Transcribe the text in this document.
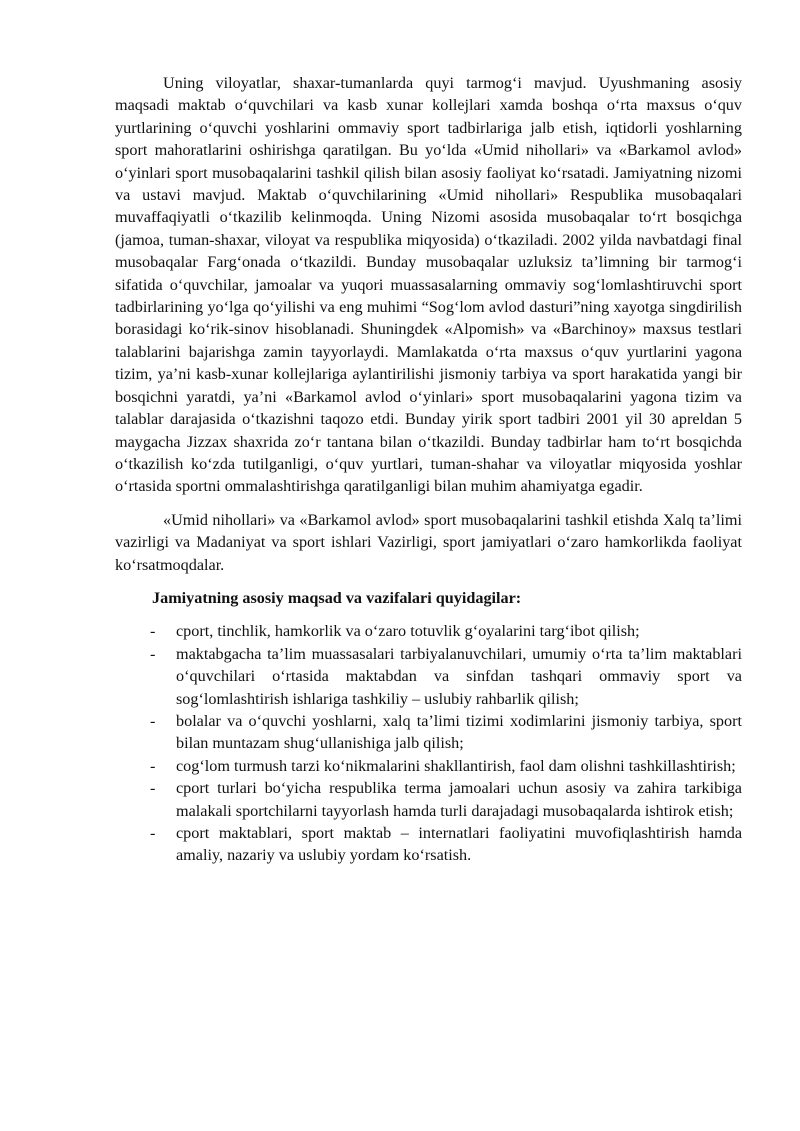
Uning viloyatlar, shaxar-tumanlarda quyi tarmog‘i mavjud. Uyushmaning asosiy maqsadi maktab o‘quvchilari va kasb xunar kollejlari xamda boshqa o‘rta maxsus o‘quv yurtlarining o‘quvchi yoshlarini ommaviy sport tadbirlariga jalb etish, iqtidorli yoshlarning sport mahoratlarini oshirishga qaratilgan. Bu yo‘lda «Umid nihollari» va «Barkamol avlod» o‘yinlari sport musobaqalarini tashkil qilish bilan asosiy faoliyat ko‘rsatadi. Jamiyatning nizomi va ustavi mavjud. Maktab o‘quvchilarining «Umid nihollari» Respublika musobaqalari muvaffaqiyatli o‘tkazilib kelinmoqda. Uning Nizomi asosida musobaqalar to‘rt bosqichga (jamoa, tuman-shaxar, viloyat va respublika miqyosida) o‘tkaziladi. 2002 yilda navbatdagi final musobaqalar Farg‘onada o‘tkazildi. Bunday musobaqalar uzluksiz ta’limning bir tarmog‘i sifatida o‘quvchilar, jamoalar va yuqori muassasalarning ommaviy sog‘lomlashtiruvchi sport tadbirlarining yo‘lga qo‘yilishi va eng muhimi “Sog‘lom avlod dasturi”ning xayotga singdirilish borasidagi ko‘rik-sinov hisoblanadi. Shuningdek «Alpomish» va «Barchinoy» maxsus testlari talablarini bajarishga zamin tayyorlaydi. Mamlakatda o‘rta maxsus o‘quv yurtlarini yagona tizim, ya’ni kasb-xunar kollejlariga aylantirilishi jismoniy tarbiya va sport harakatida yangi bir bosqichni yaratdi, ya’ni «Barkamol avlod o‘yinlari» sport musobaqalarini yagona tizim va talablar darajasida o‘tkazishni taqozo etdi. Bunday yirik sport tadbiri 2001 yil 30 apreldan 5 maygacha Jizzax shaxrida zo‘r tantana bilan o‘tkazildi. Bunday tadbirlar ham to‘rt bosqichda o‘tkazilish ko‘zda tutilganligi, o‘quv yurtlari, tuman-shahar va viloyatlar miqyosida yoshlar o‘rtasida sportni ommalashtirishga qaratilganligi bilan muhim ahamiyatga egadir.

«Umid nihollari» va «Barkamol avlod» sport musobaqalarini tashkil etishda Xalq ta’limi vazirligi va Madaniyat va sport ishlari Vazirligi, sport jamiyatlari o‘zaro hamkorlikda faoliyat ko‘rsatmoqdalar.

Jamiyatning asosiy maqsad va vazifalari quyidagilar:

- cport, tinchlik, hamkorlik va o‘zaro totuvlik g‘oyalarini targ‘ibot qilish;
- maktabgacha ta’lim muassasalari tarbiyalanuvchilari, umumiy o‘rta ta’lim maktablari o‘quvchilari o‘rtasida maktabdan va sinfdan tashqari ommaviy sport va sog‘lomlashtirish ishlariga tashkiliy – uslubiy rahbarlik qilish;
- bolalar va o‘quvchi yoshlarni, xalq ta’limi tizimi xodimlarini jismoniy tarbiya, sport bilan muntazam shug‘ullanishiga jalb qilish;
- cog‘lom turmush tarzi ko‘nikmalarini shakllantirish, faol dam olishni tashkillashtirish;
- cport turlari bo‘yicha respublika terma jamoalari uchun asosiy va zahira tarkibiga malakali sportchilarni tayyorlash hamda turli darajadagi musobaqalarda ishtirok etish;
- cport maktablari, sport maktab – internatlari faoliyatini muvofiqlashtirish hamda amaliy, nazariy va uslubiy yordam ko‘rsatish.
